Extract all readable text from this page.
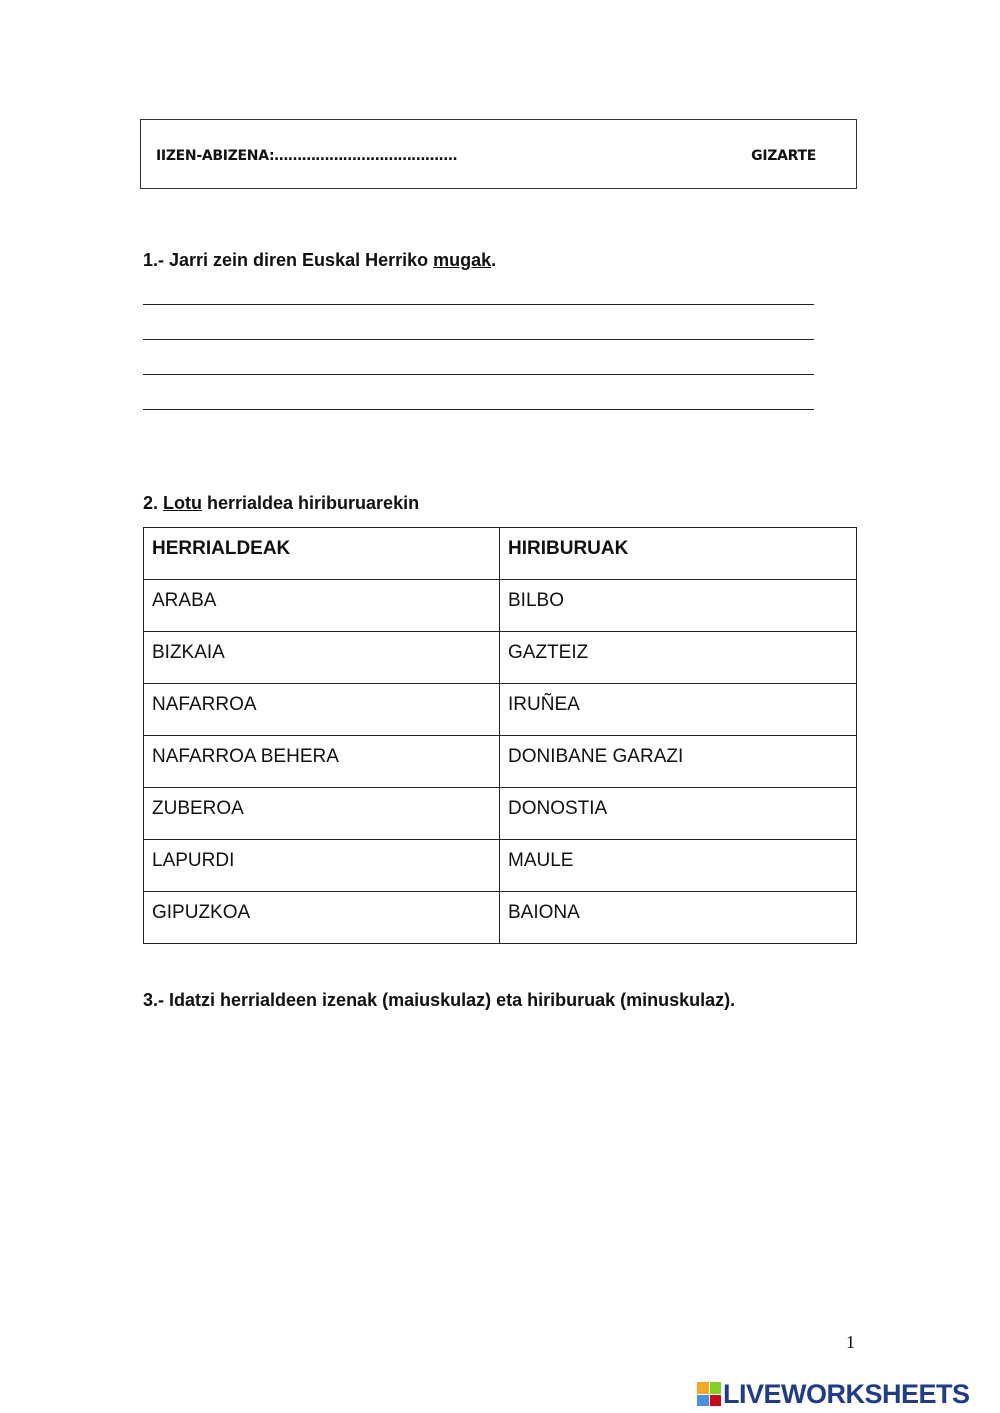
IIZEN-ABIZENA:………………………………….	GIZARTE
1.- Jarri zein diren Euskal Herriko mugak.
2. Lotu herrialdea hiriburuarekin
HERRIALDEAK	HIRIBURUAK
ARABA	BILBO
BIZKAIA	GAZTEIZ
NAFARROA	IRUÑEA
NAFARROA BEHERA	DONIBANE GARAZI
ZUBEROA	DONOSTIA
LAPURDI	MAULE
GIPUZKOA	BAIONA
3.- Idatzi herrialdeen izenak (maiuskulaz) eta hiriburuak (minuskulaz).
1
LIVEWORKSHEETS
